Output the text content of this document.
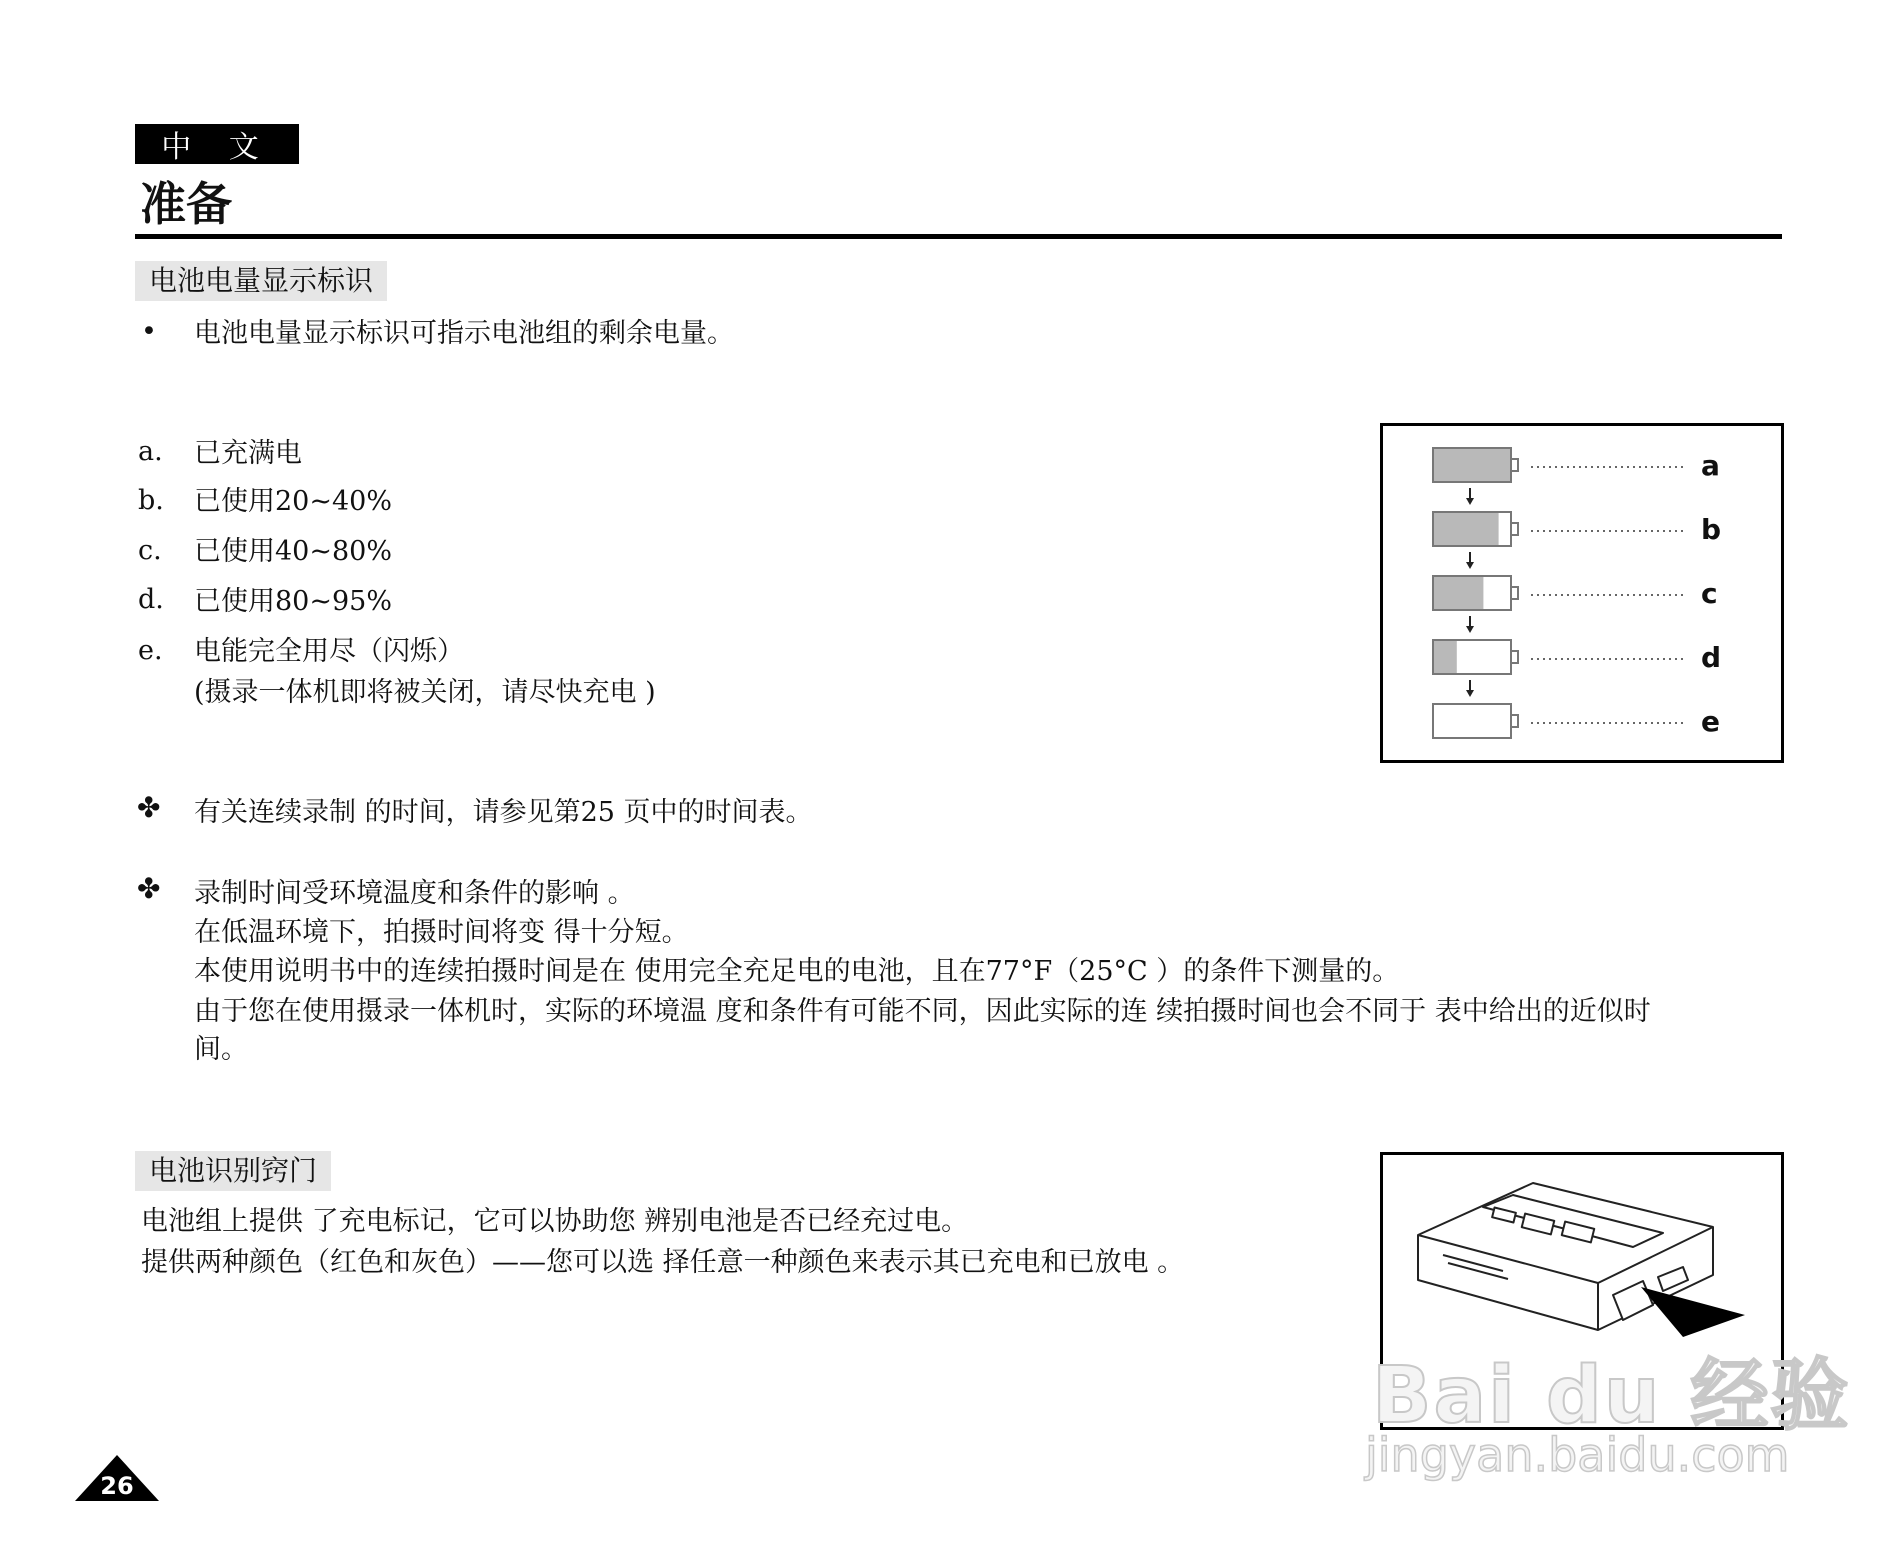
中 文
准备
电池电量显示标识
• 电池电量显示标识可指示电池组的剩余电量。
a.	已充满电
b.	已使用20~40%
c.	已使用40~80%
d.	已使用80~95%
e.	电能完全用尽（闪烁）
(摄录一体机即将被关闭，请尽快充电 )
a
b
c
d
e
✤ 有关连续录制 的时间，请参见第25 页中的时间表。
✤ 录制时间受环境温度和条件的影响 。
在低温环境下，拍摄时间将变 得十分短。
本使用说明书中的连续拍摄时间是在 使用完全充足电的电池，且在77°F（25°C ）的条件下测量的。
由于您在使用摄录一体机时，实际的环境温 度和条件有可能不同，因此实际的连 续拍摄时间也会不同于 表中给出的近似时
间。
电池识别窍门
电池组上提供 了充电标记，它可以协助您 辨别电池是否已经充过电。
提供两种颜色（红色和灰色）——您可以选 择任意一种颜色来表示其已充电和已放电 。
Bai du 经验
jingyan.baidu.com
26
